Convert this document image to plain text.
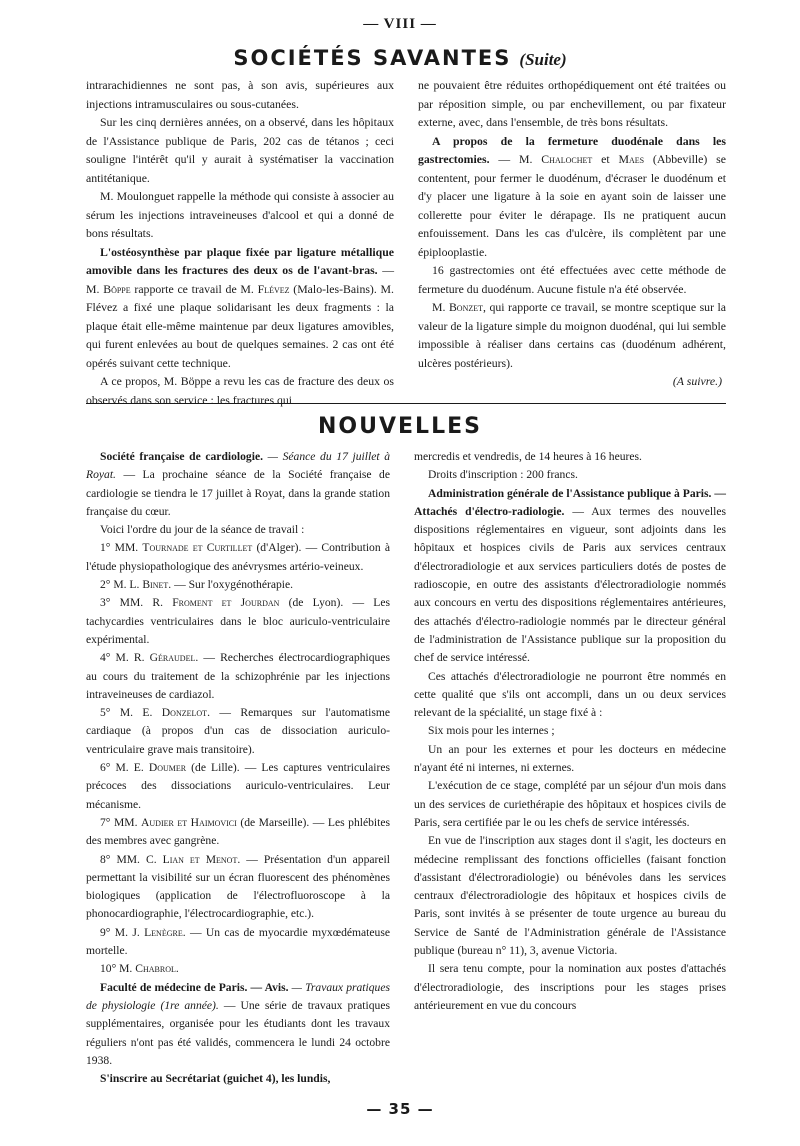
— VIII —
SOCIÉTÉS SAVANTES (Suite)

intrarachidiennes ne sont pas, à son avis, supérieures aux injections intramusculaires ou sous-cutanées.

Sur les cinq dernières années, on a observé, dans les hôpitaux de l'Assistance publique de Paris, 202 cas de tétanos ; ceci souligne l'intérêt qu'il y aurait à systématiser la vaccination antitétanique.

M. Moulonguet rappelle la méthode qui consiste à associer au sérum les injections intraveineuses d'alcool et qui a donné de bons résultats.

L'ostéosynthèse par plaque fixée par ligature métallique amovible dans les fractures des deux os de l'avant-bras. — M. Böppe rapporte ce travail de M. Flévez (Malo-les-Bains). M. Flévez a fixé une plaque solidarisant les deux fragments : la plaque était elle-même maintenue par deux ligatures amovibles, qui furent enlevées au bout de quelques semaines. 2 cas ont été opérés suivant cette technique.

A ce propos, M. Böppe a revu les cas de fracture des deux os observés dans son service : les fractures qui

ne pouvaient être réduites orthopédiquement ont été traitées ou par réposition simple, ou par enchevillement, ou par fixateur externe, avec, dans l'ensemble, de très bons résultats.

A propos de la fermeture duodénale dans les gastrectomies. — M. Chalochet et Maes (Abbeville) se contentent, pour fermer le duodénum, d'écraser le duodénum et d'y placer une ligature à la soie en ayant soin de laisser une collerette pour éviter le dérapage. Ils ne pratiquent aucun enfouissement. Dans les cas d'ulcère, ils complètent par une épiplooplastie.

16 gastrectomies ont été effectuées avec cette méthode de fermeture du duodénum. Aucune fistule n'a été observée.

M. Bonzet, qui rapporte ce travail, se montre sceptique sur la valeur de la ligature simple du moignon duodénal, qui lui semble impossible à réaliser dans certains cas (duodénum adhérent, ulcères postérieurs).

(A suivre.)

NOUVELLES

Société française de cardiologie. — Séance du 17 juillet à Royat. — La prochaine séance de la Société française de cardiologie se tiendra le 17 juillet à Royat, dans la grande station française du cœur.

Voici l'ordre du jour de la séance de travail :

1° MM. Tournade et Curtillet (d'Alger). — Contribution à l'étude physiopathologique des anévrysmes artério-veineux.

2° M. L. Binet. — Sur l'oxygénothérapie.

3° MM. R. Froment et Jourdan (de Lyon). — Les tachycardies ventriculaires dans le bloc auriculo-ventriculaire expérimental.

4° M. R. Géraudel. — Recherches électrocardiographiques au cours du traitement de la schizophrénie par les injections intraveineuses de cardiazol.

5° M. E. Donzelot. — Remarques sur l'automatisme cardiaque (à propos d'un cas de dissociation auriculo-ventriculaire grave mais transitoire).

6° M. E. Doumer (de Lille). — Les captures ventriculaires précoces des dissociations auriculo-ventriculaires. Leur mécanisme.

7° MM. Audier et Haimovici (de Marseille). — Les phlébites des membres avec gangrène.

8° MM. C. Lian et Menot. — Présentation d'un appareil permettant la visibilité sur un écran fluorescent des phénomènes biologiques (application de l'électrofluoroscope à la phonocardiographie, l'électrocardiographie, etc.).

9° M. J. Lenègre. — Un cas de myocardie myxœdémateuse mortelle.

10° M. Chabrol.

Faculté de médecine de Paris. — Avis. — Travaux pratiques de physiologie (1re année). — Une série de travaux pratiques supplémentaires, organisée pour les étudiants dont les travaux réguliers n'ont pas été validés, commencera le lundi 24 octobre 1938.

S'inscrire au Secrétariat (guichet 4), les lundis,

mercredis et vendredis, de 14 heures à 16 heures.

Droits d'inscription : 200 francs.

Administration générale de l'Assistance publique à Paris. — Attachés d'électro-radiologie. — Aux termes des nouvelles dispositions réglementaires en vigueur, sont adjoints dans les hôpitaux et hospices civils de Paris aux services centraux d'électroradiologie et aux services particuliers dotés de postes de radioscopie, en outre des assistants d'électroradiologie nommés aux concours en vertu des dispositions réglementaires antérieures, des attachés d'électro-radiologie nommés par le directeur général de l'administration de l'Assistance publique sur la proposition du chef de service intéressé.

Ces attachés d'électroradiologie ne pourront être nommés en cette qualité que s'ils ont accompli, dans un ou deux services relevant de la spécialité, un stage fixé à :

Six mois pour les internes ;

Un an pour les externes et pour les docteurs en médecine n'ayant été ni internes, ni externes.

L'exécution de ce stage, complété par un séjour d'un mois dans un des services de curiethérapie des hôpitaux et hospices civils de Paris, sera certifiée par le ou les chefs de service intéressés.

En vue de l'inscription aux stages dont il s'agit, les docteurs en médecine remplissant des fonctions officielles (faisant fonction d'assistant d'électroradiologie) ou bénévoles dans les services centraux d'électroradiologie des hôpitaux et hospices civils de Paris, sont invités à se présenter de toute urgence au bureau du Service de Santé de l'Administration générale de l'Assistance publique (bureau n° 11), 3, avenue Victoria.

Il sera tenu compte, pour la nomination aux postes d'attachés d'électroradiologie, des inscriptions pour les stages prises antérieurement en vue du concours

— 35 —
